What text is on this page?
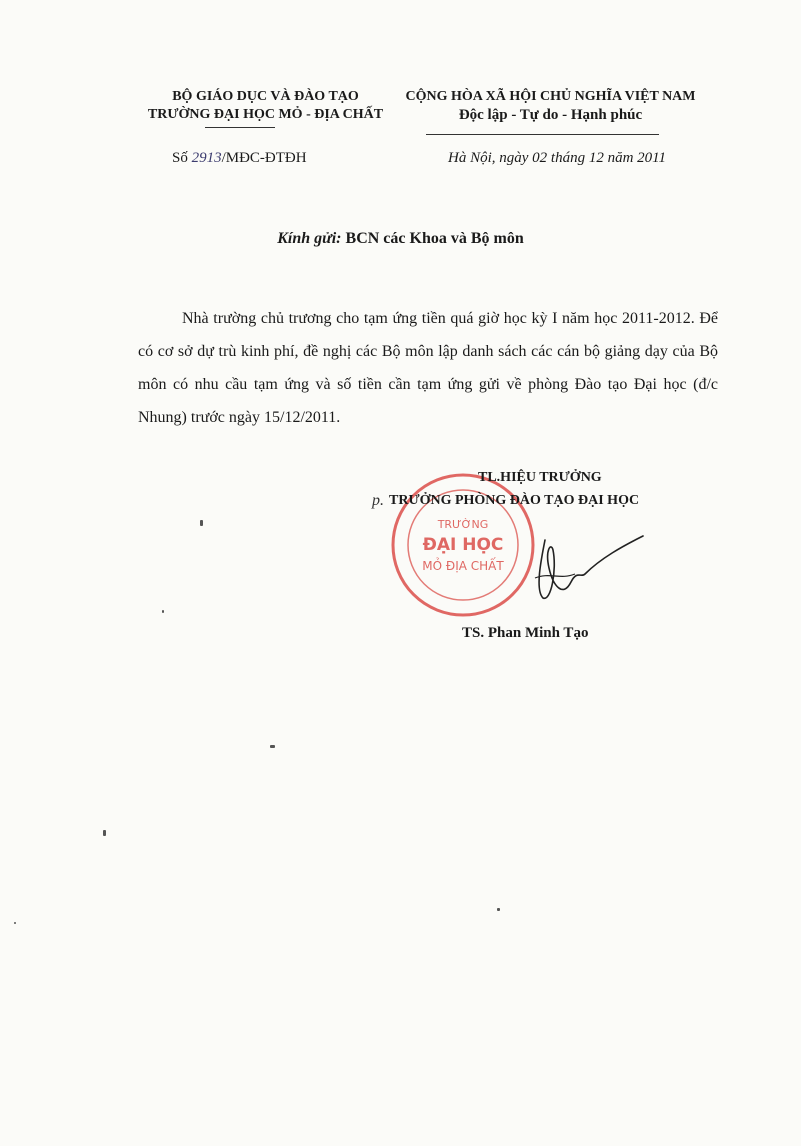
BỘ GIÁO DỤC VÀ ĐÀO TẠO
TRƯỜNG ĐẠI HỌC MỎ - ĐỊA CHẤT
CỘNG HÒA XÃ HỘI CHỦ NGHĨA VIỆT NAM
Độc lập - Tự do - Hạnh phúc
Số 2913/MĐC-ĐTĐH	Hà Nội, ngày 02 tháng 12 năm 2011
Kính gửi: BCN các Khoa và Bộ môn

Nhà trường chủ trương cho tạm ứng tiền quá giờ học kỳ I năm học 2011-2012. Để có cơ sở dự trù kinh phí, đề nghị các Bộ môn lập danh sách các cán bộ giảng dạy của Bộ môn có nhu cầu tạm ứng và số tiền cần tạm ứng gửi về phòng Đào tạo Đại học (đ/c Nhung) trước ngày 15/12/2011.

TRƯỜNG
ĐẠI HỌC
MỎ ĐỊA CHẤT
TL.HIỆU TRƯỞNG
p. TRƯỞNG PHÒNG ĐÀO TẠO ĐẠI HỌC
TS. Phan Minh Tạo
